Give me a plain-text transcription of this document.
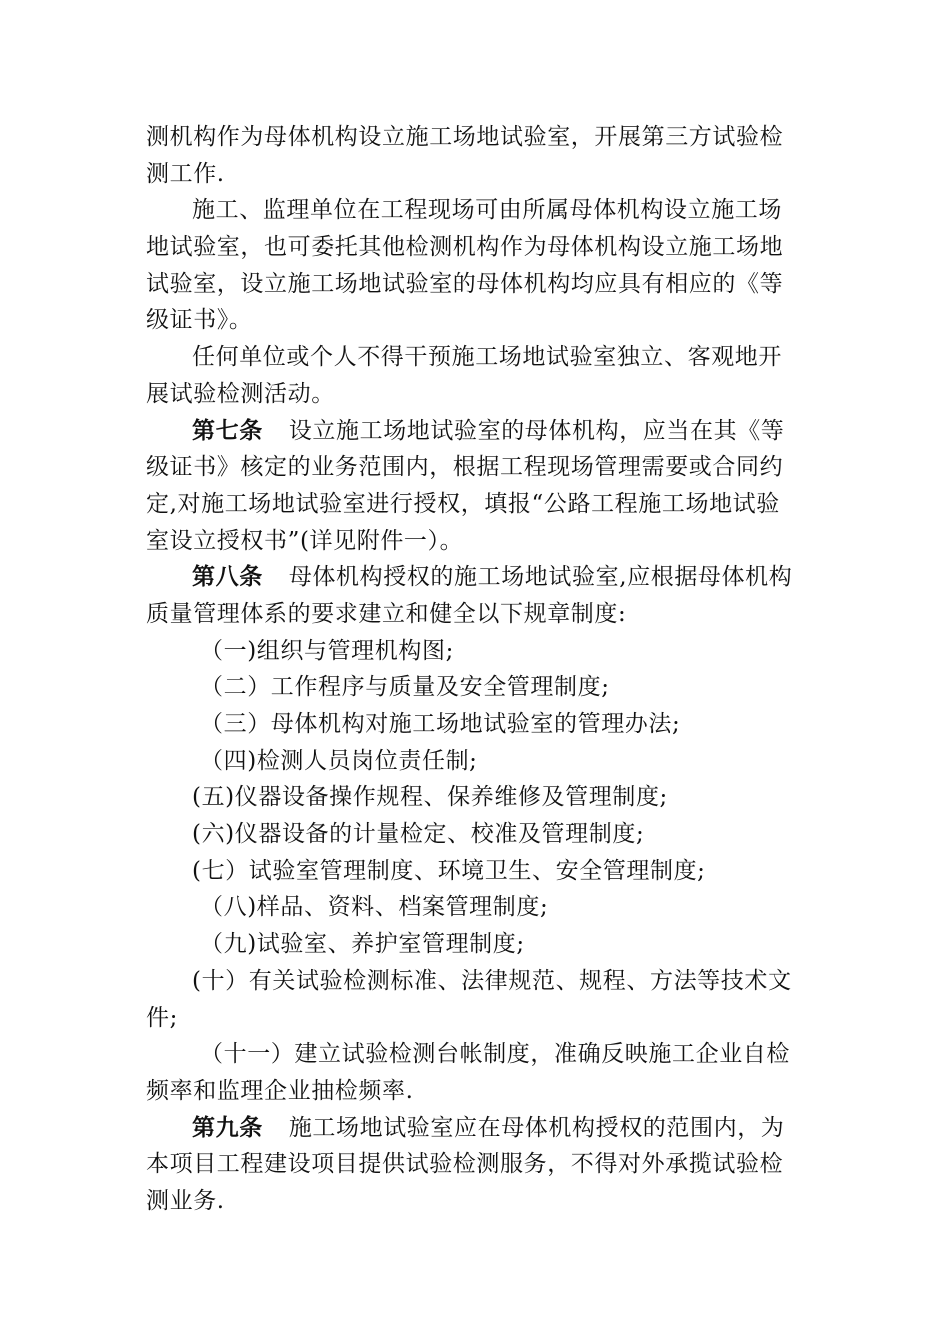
测机构作为母体机构设立施工场地试验室，开展第三方试验检
测工作.
施工、监理单位在工程现场可由所属母体机构设立施工场
地试验室，也可委托其他检测机构作为母体机构设立施工场地
试验室，设立施工场地试验室的母体机构均应具有相应的《等
级证书》。
任何单位或个人不得干预施工场地试验室独立、客观地开
展试验检测活动。
第七条 设立施工场地试验室的母体机构，应当在其《等
级证书》核定的业务范围内，根据工程现场管理需要或合同约
定,对施工场地试验室进行授权，填报“公路工程施工场地试验
室设立授权书”(详见附件一）。
第八条 母体机构授权的施工场地试验室,应根据母体机构
质量管理体系的要求建立和健全以下规章制度:
（一)组织与管理机构图;
（二）工作程序与质量及安全管理制度;
（三）母体机构对施工场地试验室的管理办法;
（四)检测人员岗位责任制;
(五)仪器设备操作规程、保养维修及管理制度;
(六)仪器设备的计量检定、校准及管理制度;
(七）试验室管理制度、环境卫生、安全管理制度;
（八)样品、资料、档案管理制度;
（九)试验室、养护室管理制度;
(十）有关试验检测标准、法律规范、规程、方法等技术文
件;
（十一）建立试验检测台帐制度，准确反映施工企业自检
频率和监理企业抽检频率.
第九条 施工场地试验室应在母体机构授权的范围内，为
本项目工程建设项目提供试验检测服务，不得对外承揽试验检
测业务.
